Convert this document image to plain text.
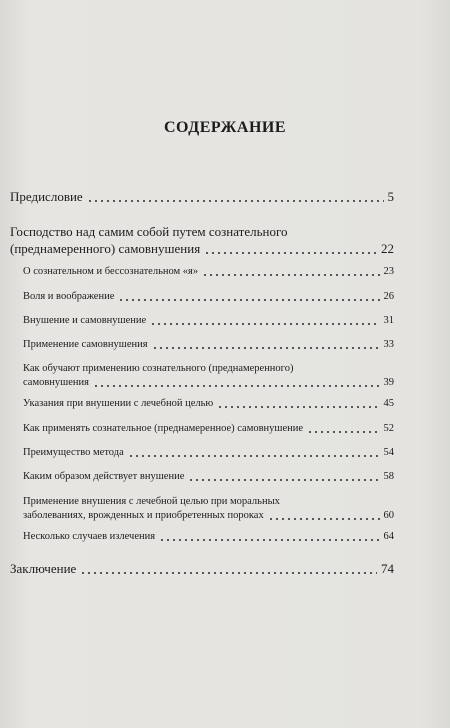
СОДЕРЖАНИЕ
Предисловие	5
Господство над самим собой путем сознательного
(преднамеренного) самовнушения	22
О сознательном и бессознательном «я»	23
Воля и воображение	26
Внушение и самовнушение	31
Применение самовнушения	33
Как обучают применению сознательного (преднамеренного)
самовнушения	39
Указания при внушении с лечебной целью	45
Как применять сознательное (преднамеренное) самовнушение	52
Преимущество метода	54
Каким образом действует внушение	58
Применение внушения с лечебной целью при моральных
заболеваниях, врожденных и приобретенных пороках	60
Несколько случаев излечения	64
Заключение	74
